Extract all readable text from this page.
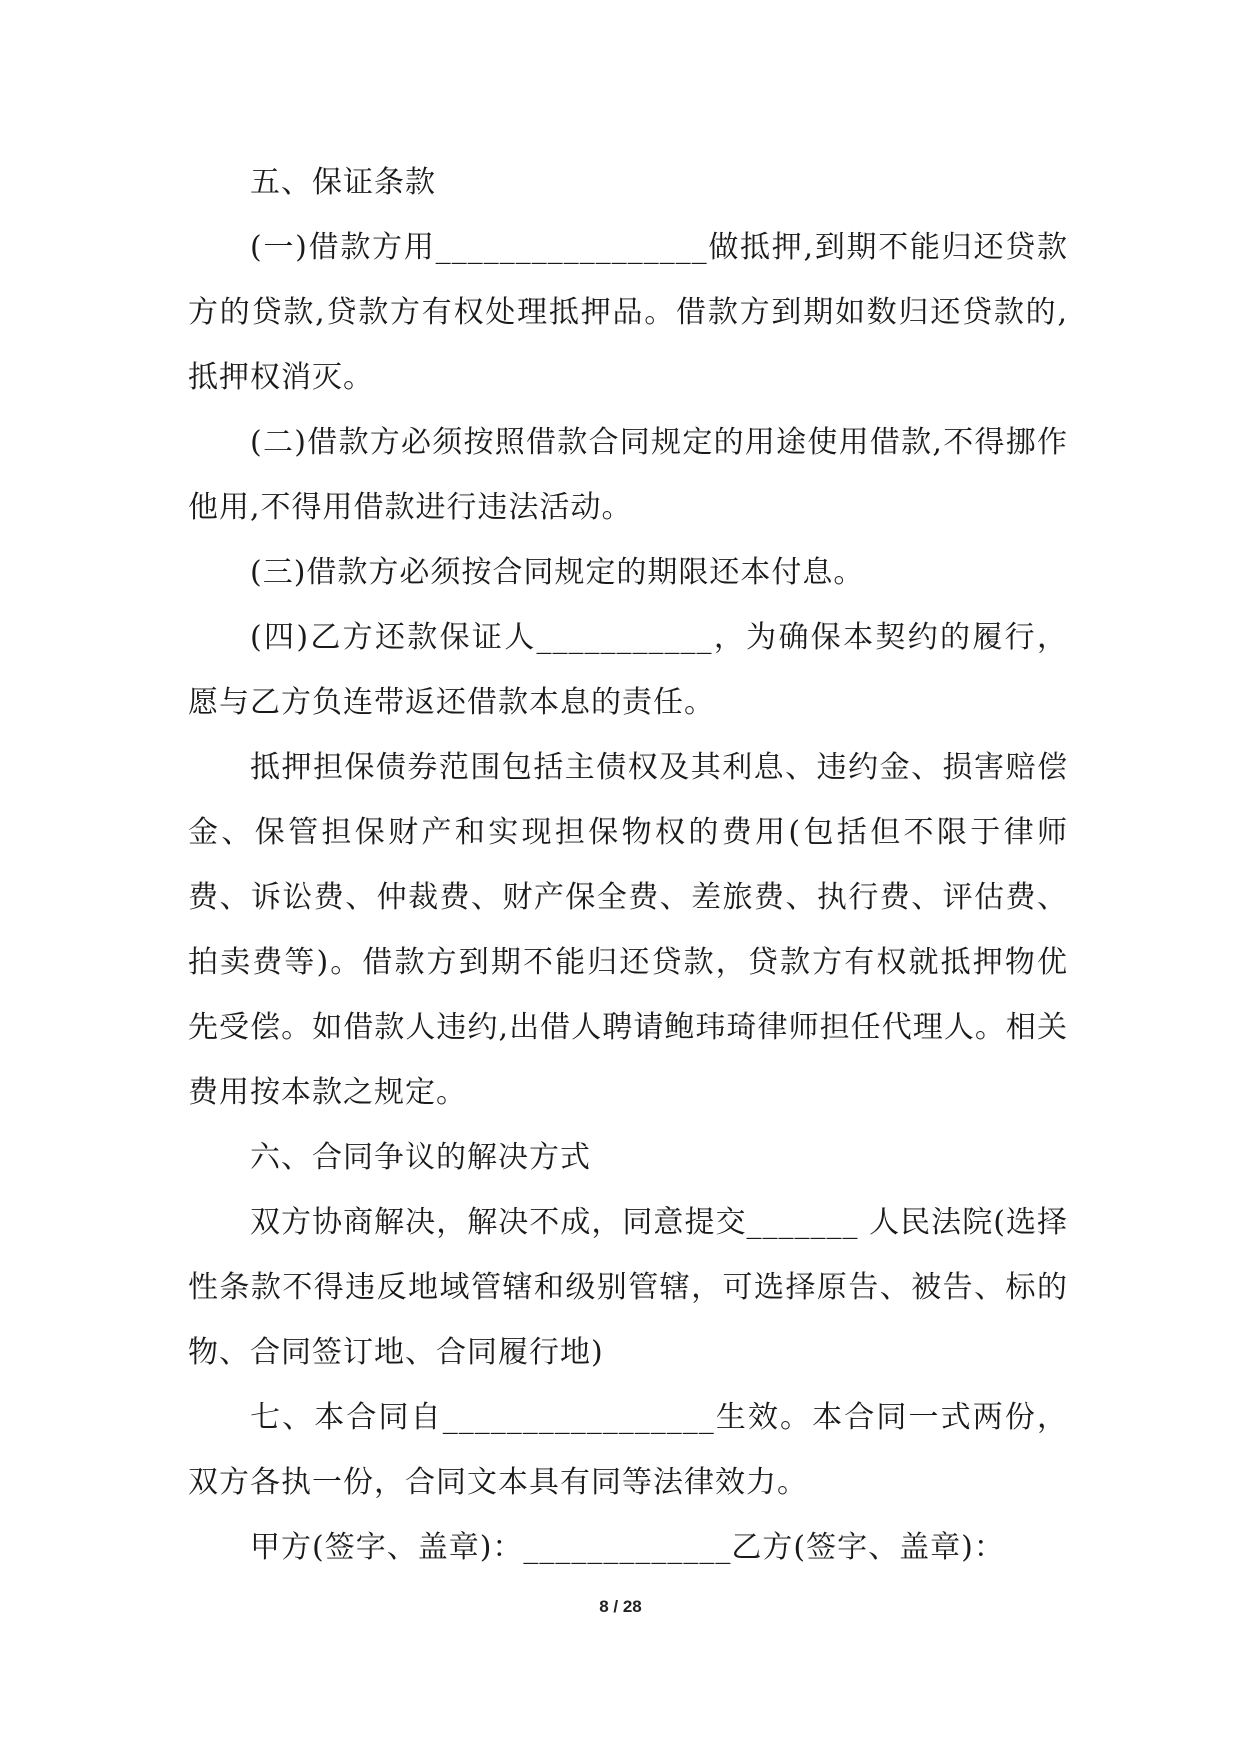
五、保证条款

(一)借款方用_________________做抵押,到期不能归还贷款方的贷款,贷款方有权处理抵押品。借款方到期如数归还贷款的,抵押权消灭。

(二)借款方必须按照借款合同规定的用途使用借款,不得挪作他用,不得用借款进行违法活动。

(三)借款方必须按合同规定的期限还本付息。

(四)乙方还款保证人___________，为确保本契约的履行，愿与乙方负连带返还借款本息的责任。

抵押担保债券范围包括主债权及其利息、违约金、损害赔偿金、保管担保财产和实现担保物权的费用(包括但不限于律师费、诉讼费、仲裁费、财产保全费、差旅费、执行费、评估费、拍卖费等)。借款方到期不能归还贷款，贷款方有权就抵押物优先受偿。如借款人违约,出借人聘请鲍玮琦律师担任代理人。相关费用按本款之规定。

六、合同争议的解决方式

双方协商解决，解决不成，同意提交_______ 人民法院(选择性条款不得违反地域管辖和级别管辖，可选择原告、被告、标的物、合同签订地、合同履行地)

七、本合同自_________________生效。本合同一式两份，双方各执一份，合同文本具有同等法律效力。

甲方(签字、盖章)：_____________乙方(签字、盖章)：

8 / 28
